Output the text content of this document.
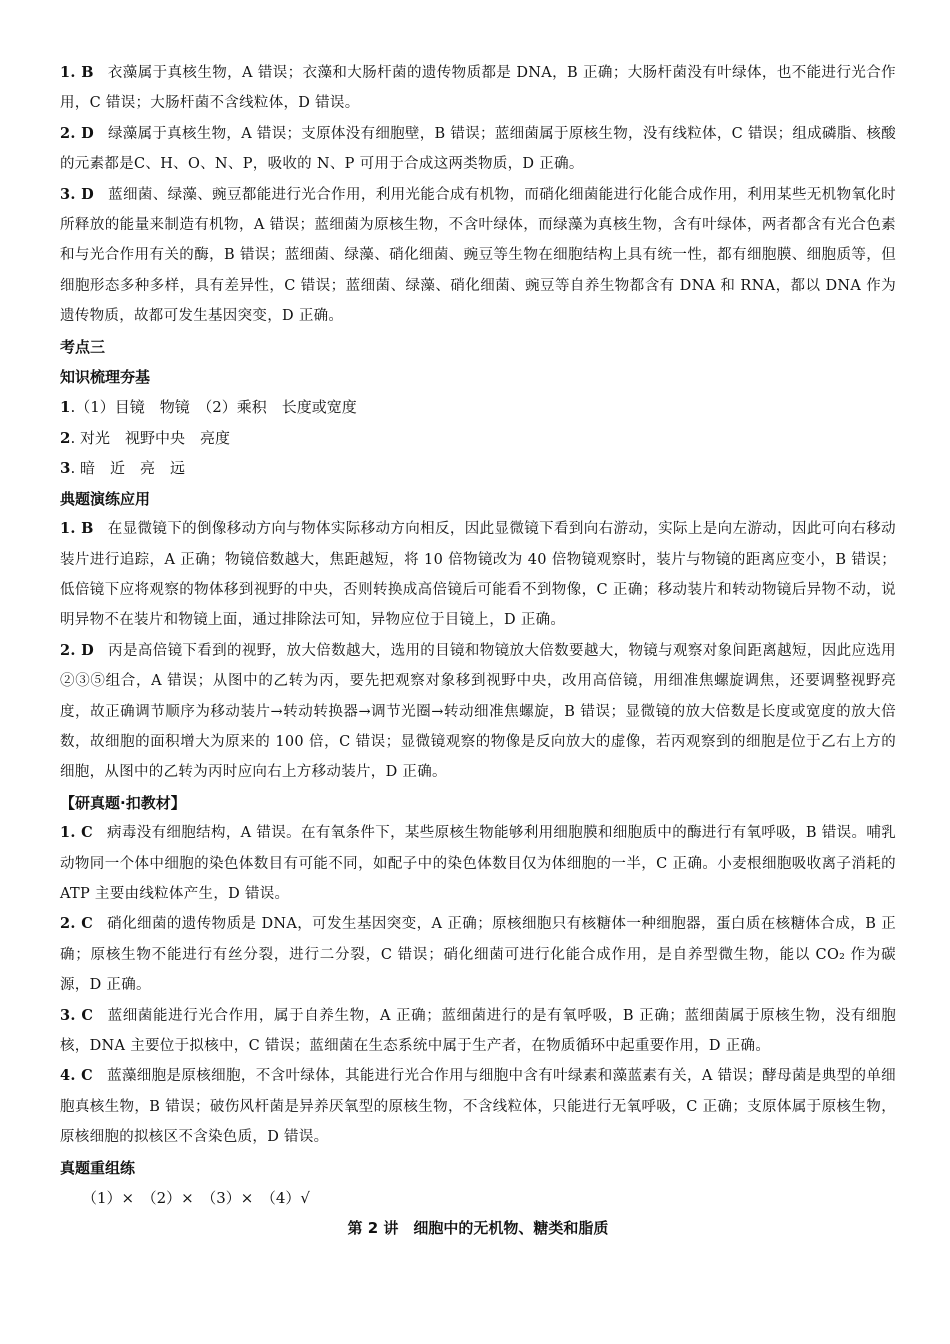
1. B 衣藻属于真核生物，A 错误；衣藻和大肠杆菌的遗传物质都是 DNA，B 正确；大肠杆菌没有叶绿体，也不能进行光合作用，C 错误；大肠杆菌不含线粒体，D 错误。

2. D 绿藻属于真核生物，A 错误；支原体没有细胞壁，B 错误；蓝细菌属于原核生物，没有线粒体，C 错误；组成磷脂、核酸的元素都是C、H、O、N、P，吸收的 N、P 可用于合成这两类物质，D 正确。

3. D 蓝细菌、绿藻、豌豆都能进行光合作用，利用光能合成有机物，而硝化细菌能进行化能合成作用，利用某些无机物氧化时所释放的能量来制造有机物，A 错误；蓝细菌为原核生物，不含叶绿体，而绿藻为真核生物，含有叶绿体，两者都含有光合色素和与光合作用有关的酶，B 错误；蓝细菌、绿藻、硝化细菌、豌豆等生物在细胞结构上具有统一性，都有细胞膜、细胞质等，但细胞形态多种多样，具有差异性，C 错误；蓝细菌、绿藻、硝化细菌、豌豆等自养生物都含有 DNA 和 RNA，都以 DNA 作为遗传物质，故都可发生基因突变，D 正确。

考点三

知识梳理夯基

1.（1）目镜　物镜　（2）乘积　长度或宽度

2. 对光　视野中央　亮度

3. 暗　近　亮　远

典题演练应用

1. B 在显微镜下的倒像移动方向与物体实际移动方向相反，因此显微镜下看到向右游动，实际上是向左游动，因此可向右移动装片进行追踪，A 正确；物镜倍数越大，焦距越短，将 10 倍物镜改为 40 倍物镜观察时，装片与物镜的距离应变小，B 错误；低倍镜下应将观察的物体移到视野的中央，否则转换成高倍镜后可能看不到物像，C 正确；移动装片和转动物镜后异物不动，说明异物不在装片和物镜上面，通过排除法可知，异物应位于目镜上，D 正确。

2. D 丙是高倍镜下看到的视野，放大倍数越大，选用的目镜和物镜放大倍数要越大，物镜与观察对象间距离越短，因此应选用②③⑤组合，A 错误；从图中的乙转为丙，要先把观察对象移到视野中央，改用高倍镜，用细准焦螺旋调焦，还要调整视野亮度，故正确调节顺序为移动装片→转动转换器→调节光圈→转动细准焦螺旋，B 错误；显微镜的放大倍数是长度或宽度的放大倍数，故细胞的面积增大为原来的 100 倍，C 错误；显微镜观察的物像是反向放大的虚像，若丙观察到的细胞是位于乙右上方的细胞，从图中的乙转为丙时应向右上方移动装片，D 正确。

【研真题·扣教材】

1. C 病毒没有细胞结构，A 错误。在有氧条件下，某些原核生物能够利用细胞膜和细胞质中的酶进行有氧呼吸，B 错误。哺乳动物同一个体中细胞的染色体数目有可能不同，如配子中的染色体数目仅为体细胞的一半，C 正确。小麦根细胞吸收离子消耗的 ATP 主要由线粒体产生，D 错误。

2. C 硝化细菌的遗传物质是 DNA，可发生基因突变，A 正确；原核细胞只有核糖体一种细胞器，蛋白质在核糖体合成，B 正确；原核生物不能进行有丝分裂，进行二分裂，C 错误；硝化细菌可进行化能合成作用，是自养型微生物，能以 CO₂ 作为碳源，D 正确。

3. C 蓝细菌能进行光合作用，属于自养生物，A 正确；蓝细菌进行的是有氧呼吸，B 正确；蓝细菌属于原核生物，没有细胞核，DNA 主要位于拟核中，C 错误；蓝细菌在生态系统中属于生产者，在物质循环中起重要作用，D 正确。

4. C 蓝藻细胞是原核细胞，不含叶绿体，其能进行光合作用与细胞中含有叶绿素和藻蓝素有关，A 错误；酵母菌是典型的单细胞真核生物，B 错误；破伤风杆菌是异养厌氧型的原核生物，不含线粒体，只能进行无氧呼吸，C 正确；支原体属于原核生物，原核细胞的拟核区不含染色质，D 错误。

真题重组练

（1）×　（2）×　（3）×　（4）√

第 2 讲　细胞中的无机物、糖类和脂质
